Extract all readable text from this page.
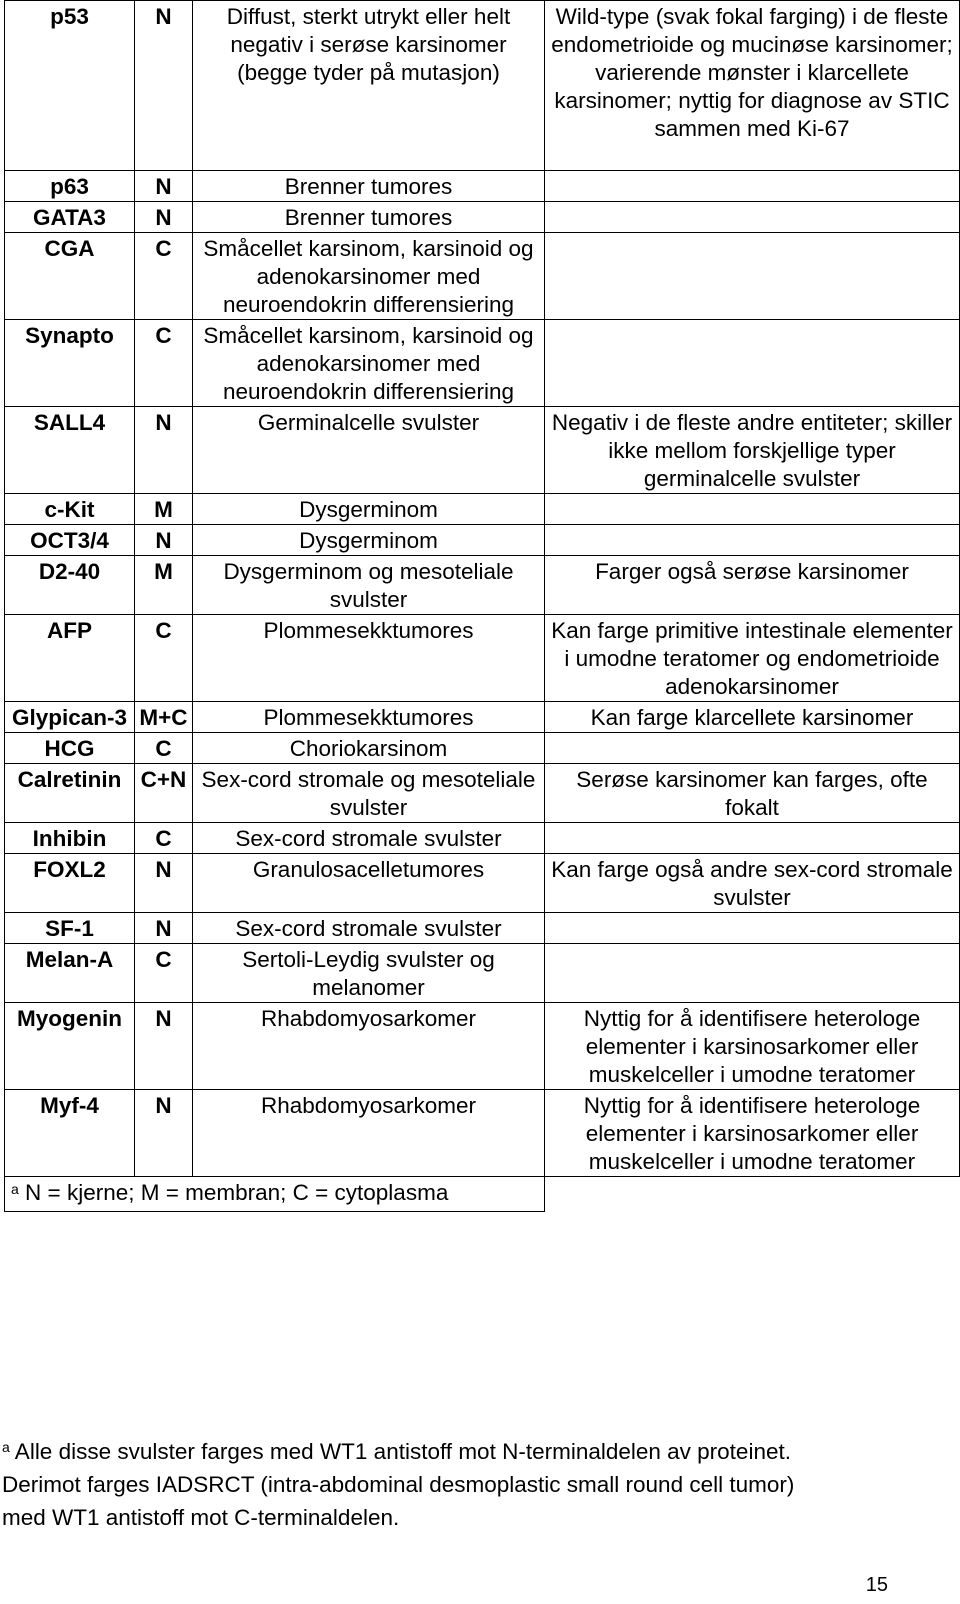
p53	N	Diffust, sterkt utrykt eller helt negativ i serøse karsinomer (begge tyder på mutasjon)	Wild-type (svak fokal farging) i de fleste endometrioide og mucinøse karsinomer; varierende mønster i klarcellete karsinomer; nyttig for diagnose av STIC sammen med Ki-67
p63	N	Brenner tumores	
GATA3	N	Brenner tumores	
CGA	C	Småcellet karsinom, karsinoid og adenokarsinomer med neuroendokrin differensiering	
Synapto	C	Småcellet karsinom, karsinoid og adenokarsinomer med neuroendokrin differensiering	
SALL4	N	Germinalcelle svulster	Negativ i de fleste andre entiteter; skiller ikke mellom forskjellige typer germinalcelle svulster
c-Kit	M	Dysgerminom	
OCT3/4	N	Dysgerminom	
D2-40	M	Dysgerminom og mesoteliale svulster	Farger også serøse karsinomer
AFP	C	Plommesekktumores	Kan farge primitive intestinale elementer i umodne teratomer og endometrioide adenokarsinomer
Glypican-3	M+C	Plommesekktumores	Kan farge klarcellete karsinomer
HCG	C	Choriokarsinom	
Calretinin	C+N	Sex-cord stromale og mesoteliale svulster	Serøse karsinomer kan farges, ofte fokalt
Inhibin	C	Sex-cord stromale svulster	
FOXL2	N	Granulosacelletumores	Kan farge også andre sex-cord stromale svulster
SF-1	N	Sex-cord stromale svulster	
Melan-A	C	Sertoli-Leydig svulster og melanomer	
Myogenin	N	Rhabdomyosarkomer	Nyttig for å identifisere heterologe elementer i karsinosarkomer eller muskelceller i umodne teratomer
Myf-4	N	Rhabdomyosarkomer	Nyttig for å identifisere heterologe elementer i karsinosarkomer eller muskelceller i umodne teratomer
$^a$ N = kjerne; M = membran; C = cytoplasma			
$^a$ Alle disse svulster farges med WT1 antistoff mot N-terminaldelen av proteinet.
Derimot farges IADSRCT (intra-abdominal desmoplastic small round cell tumor)
med WT1 antistoff mot C-terminaldelen.
15
